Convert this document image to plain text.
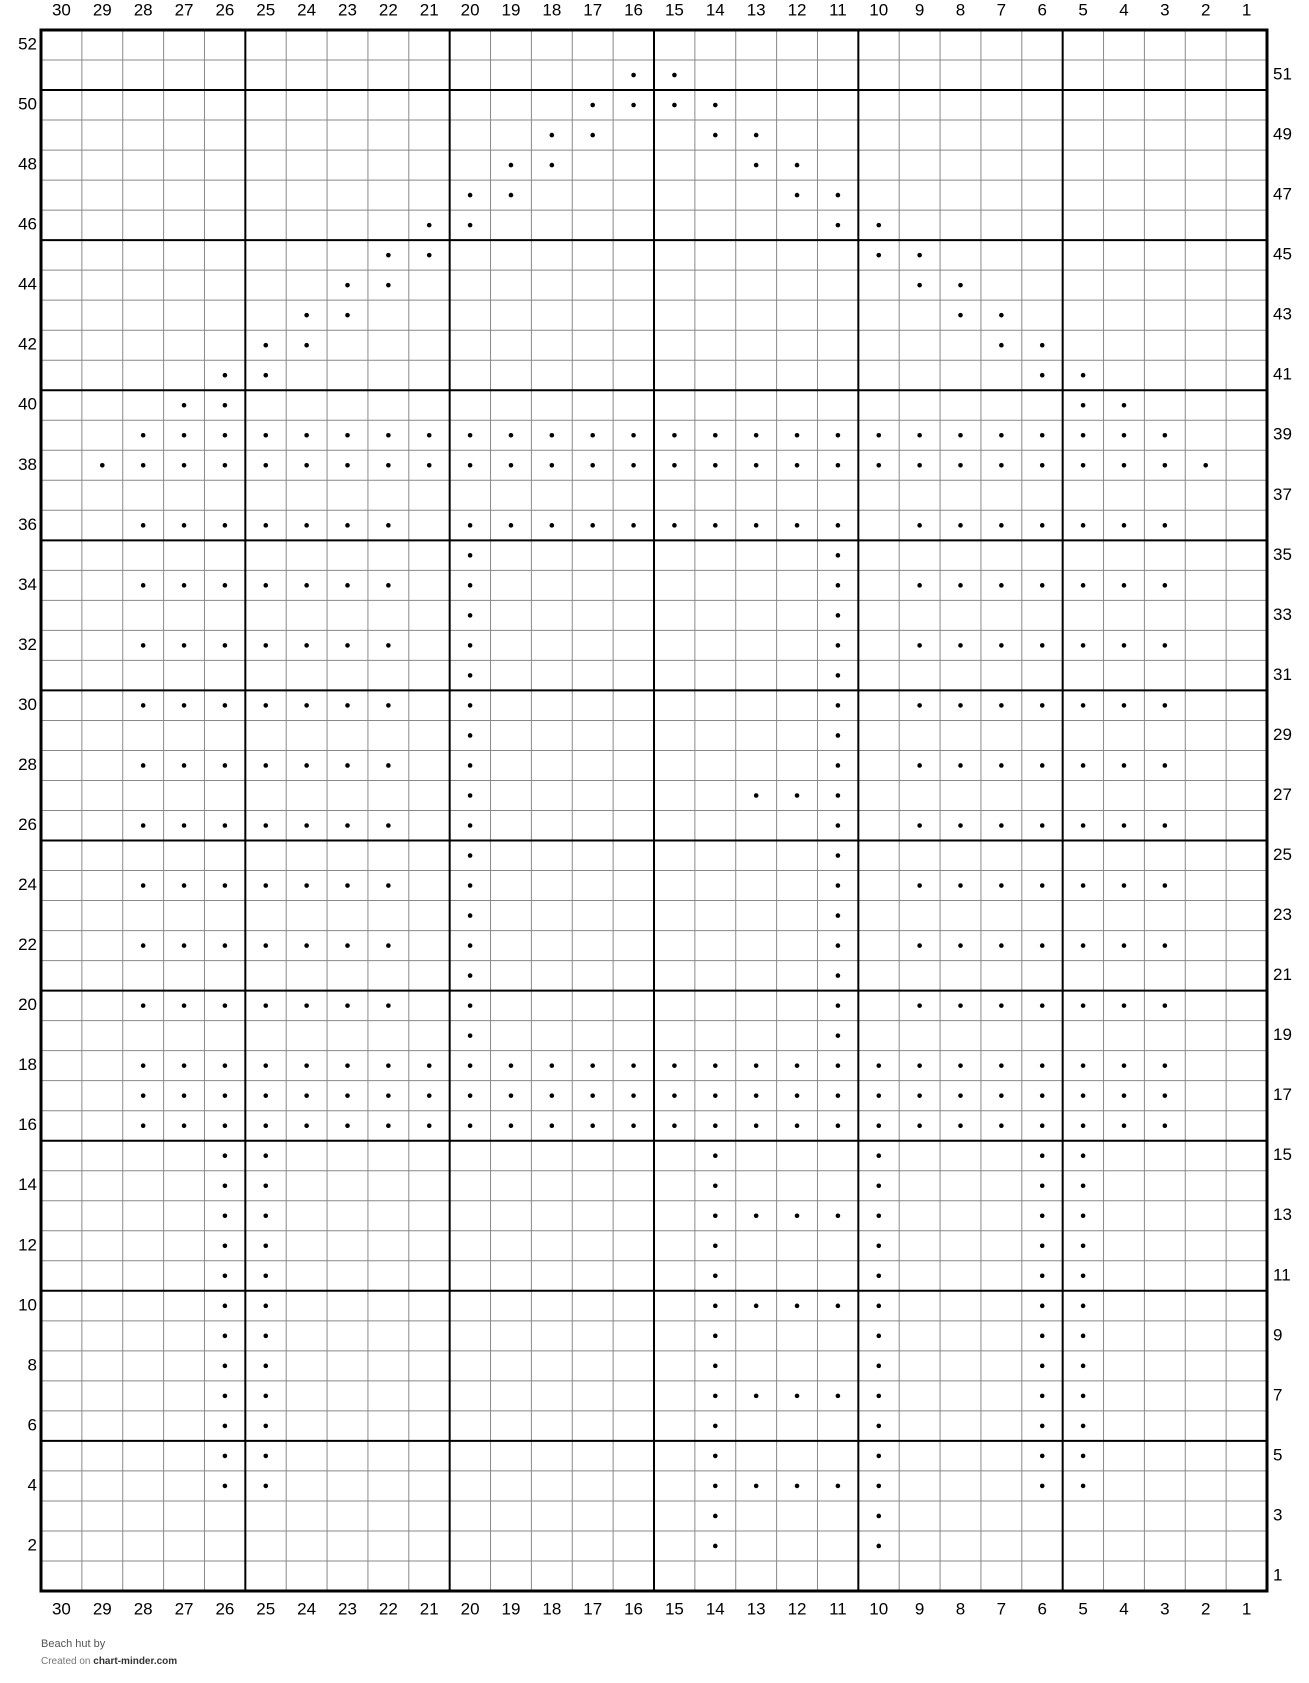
30 29 28 27 26 25 24 23 22 21 20 19 18 17 16 15 14 13 12 11 10 9 8 7 6 5 4 3 2 1
30 29 28 27 26 25 24 23 22 21 20 19 18 17 16 15 14 13 12 11 10 9 8 7 6 5 4 3 2 1
52
50
48
46
44
42
40
38
36
34
32
30
28
26
24
22
20
18
16
14
12
10
8
6
4
2
51
49
47
45
43
41
39
37
35
33
31
29
27
25
23
21
19
17
15
13
11
9
7
5
3
1
Beach hut by
Created on chart-minder.com
